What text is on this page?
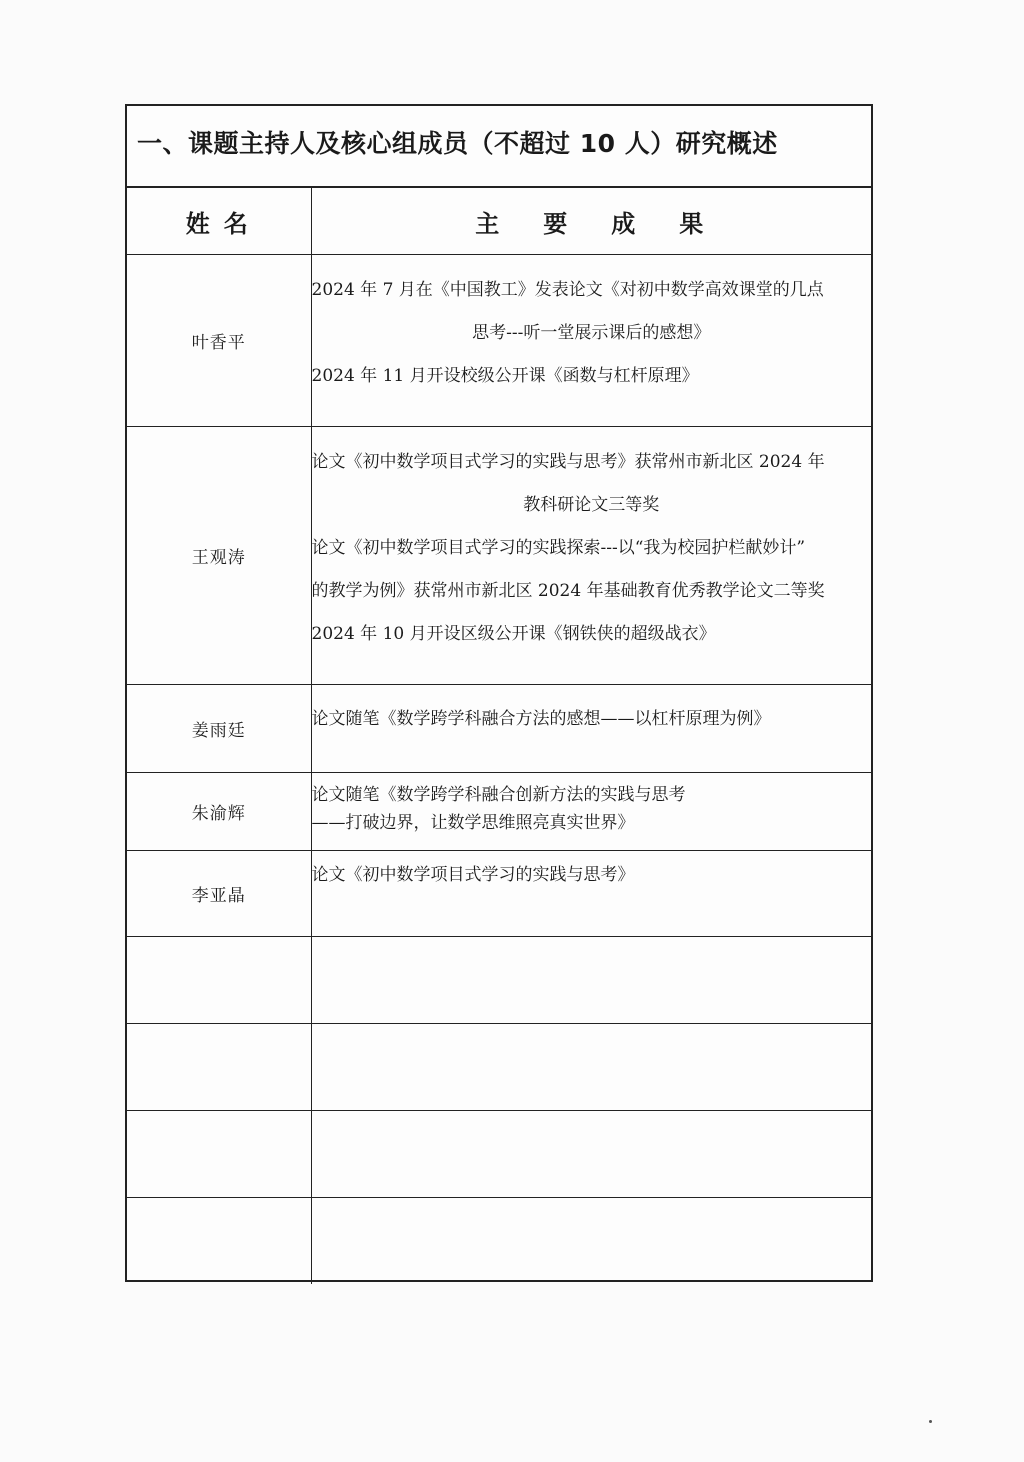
一、课题主持人及核心组成员（不超过 10 人）研究概述
姓名	主要成果
叶香平	2024 年 7 月在《中国教工》发表论文《对初中数学高效课堂的几点
思考---听一堂展示课后的感想》
2024 年 11 月开设校级公开课《函数与杠杆原理》

王观涛	论文《初中数学项目式学习的实践与思考》获常州市新北区 2024 年
教科研论文三等奖
论文《初中数学项目式学习的实践探索---以“我为校园护栏献妙计”
的教学为例》获常州市新北区 2024 年基础教育优秀教学论文二等奖
2024 年 10 月开设区级公开课《钢铁侠的超级战衣》

姜雨廷	论文随笔《数学跨学科融合方法的感想——以杠杆原理为例》

朱渝辉	论文随笔《数学跨学科融合创新方法的实践与思考
——打破边界，让数学思维照亮真实世界》

李亚晶	论文《初中数学项目式学习的实践与思考》
